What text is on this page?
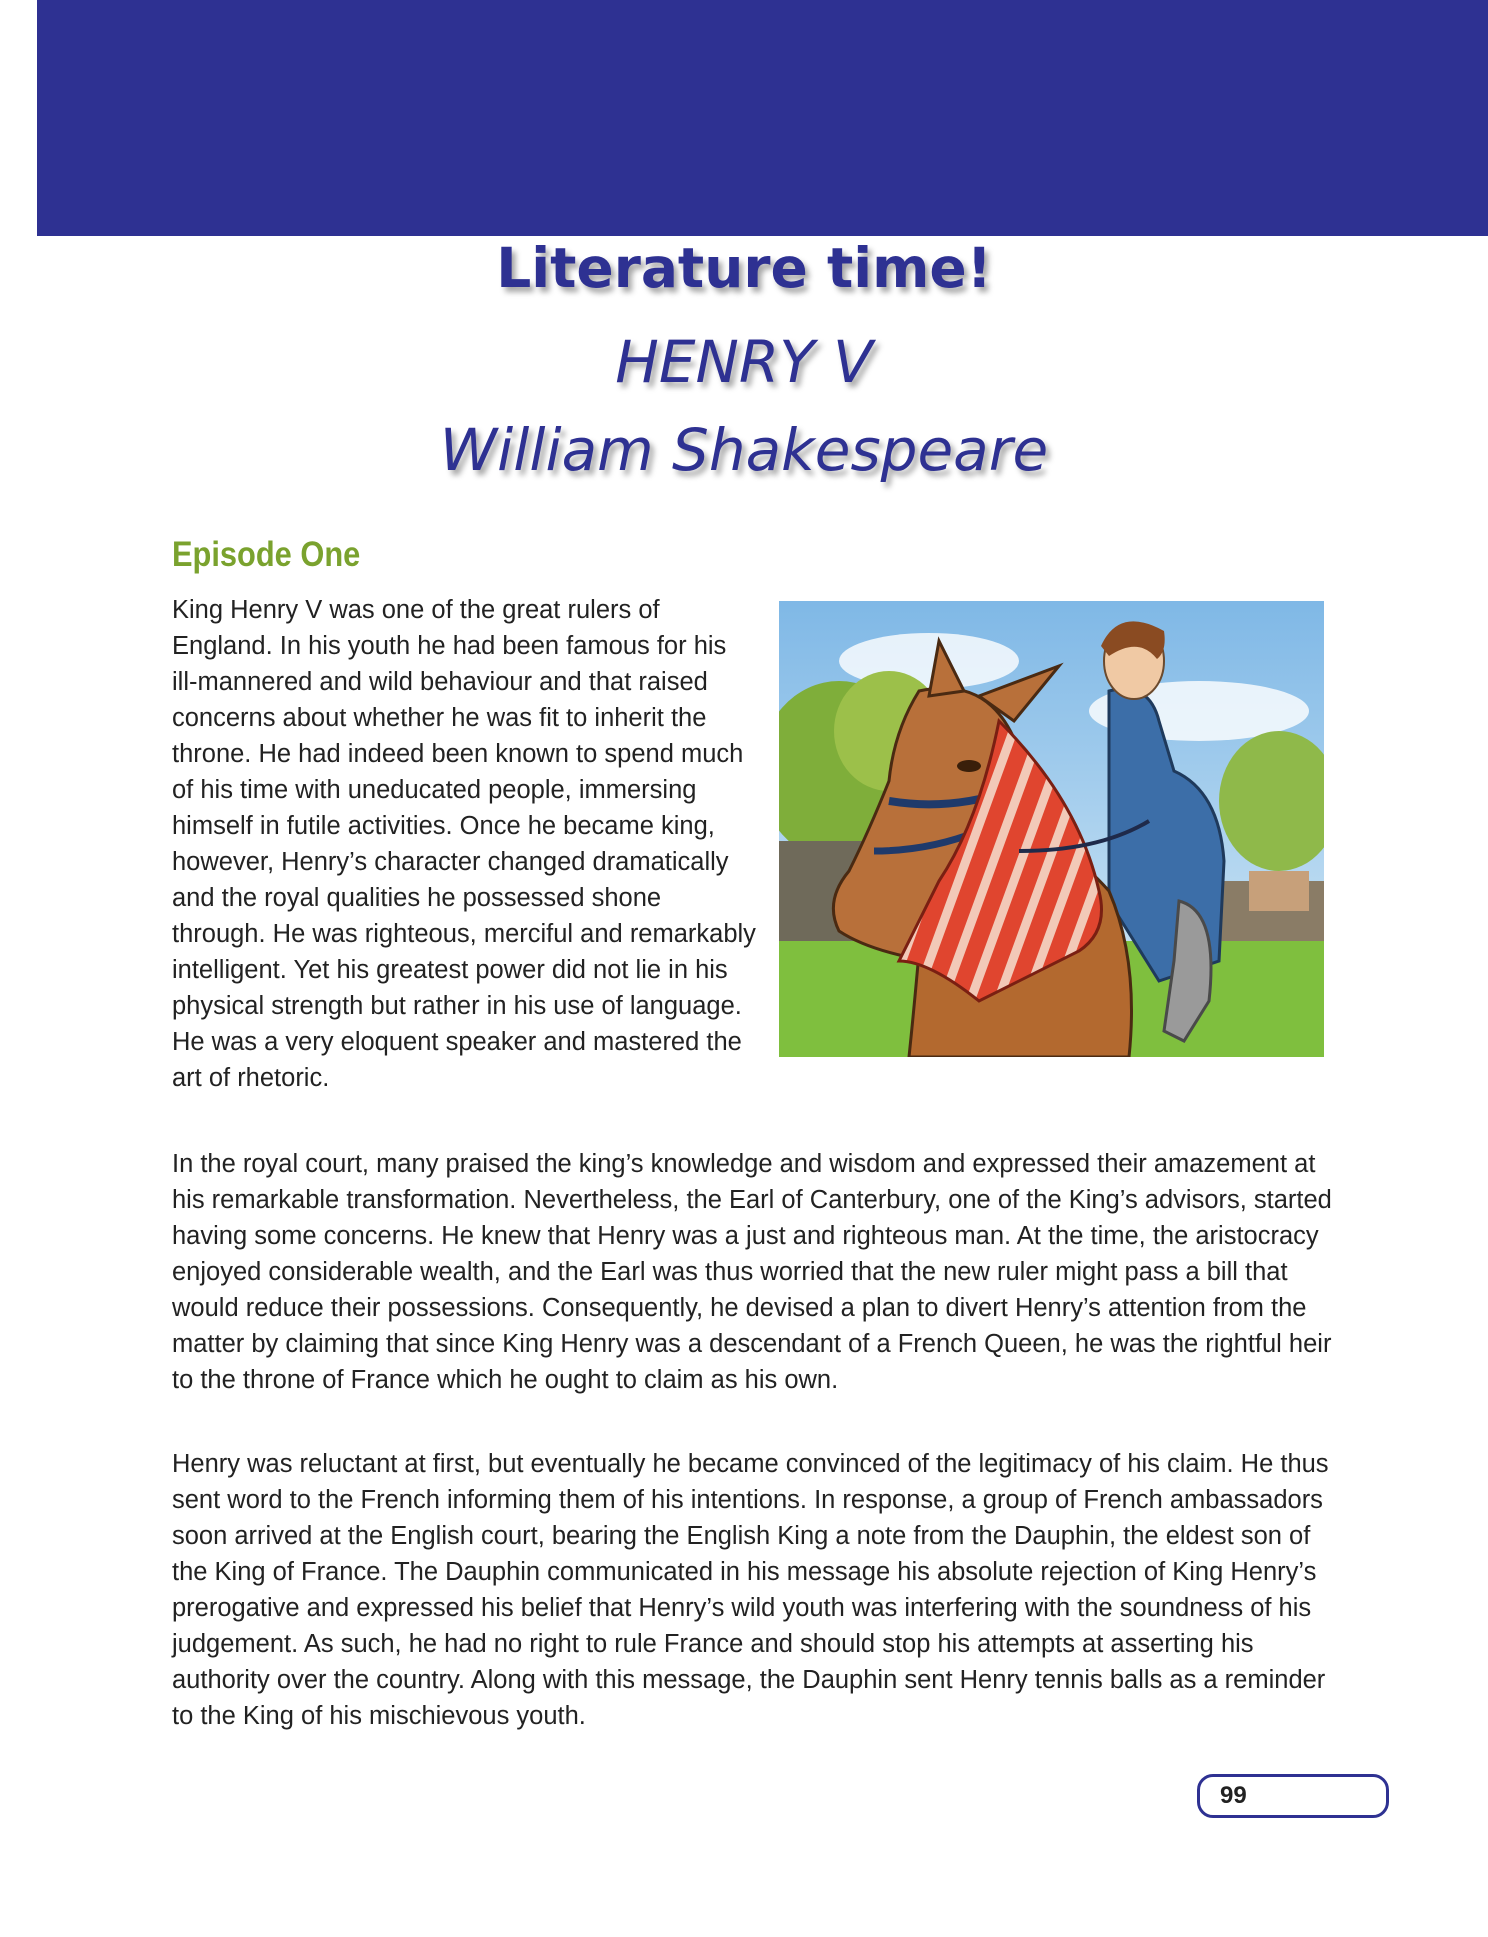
Literature time!
HENRY V
William Shakespeare
Episode One

King Henry V was one of the great rulers of England. In his youth he had been famous for his ill-mannered and wild behaviour and that raised concerns about whether he was fit to inherit the throne. He had indeed been known to spend much of his time with uneducated people, immersing himself in futile activities. Once he became king, however, Henry’s character changed dramatically and the royal qualities he possessed shone through. He was righteous, merciful and remarkably intelligent. Yet his greatest power did not lie in his physical strength but rather in his use of language. He was a very eloquent speaker and mastered the art of rhetoric.

In the royal court, many praised the king’s knowledge and wisdom and expressed their amazement at his remarkable transformation. Nevertheless, the Earl of Canterbury, one of the King’s advisors, started having some concerns. He knew that Henry was a just and righteous man. At the time, the aristocracy enjoyed considerable wealth, and the Earl was thus worried that the new ruler might pass a bill that would reduce their possessions. Consequently, he devised a plan to divert Henry’s attention from the matter by claiming that since King Henry was a descendant of a French Queen, he was the rightful heir to the throne of France which he ought to claim as his own.

Henry was reluctant at first, but eventually he became convinced of the legitimacy of his claim. He thus sent word to the French informing them of his intentions. In response, a group of French ambassadors soon arrived at the English court, bearing the English King a note from the Dauphin, the eldest son of the King of France. The Dauphin communicated in his message his absolute rejection of King Henry’s prerogative and expressed his belief that Henry’s wild youth was interfering with the soundness of his judgement. As such, he had no right to rule France and should stop his attempts at asserting his authority over the country. Along with this message, the Dauphin sent Henry tennis balls as a reminder to the King of his mischievous youth.

99
